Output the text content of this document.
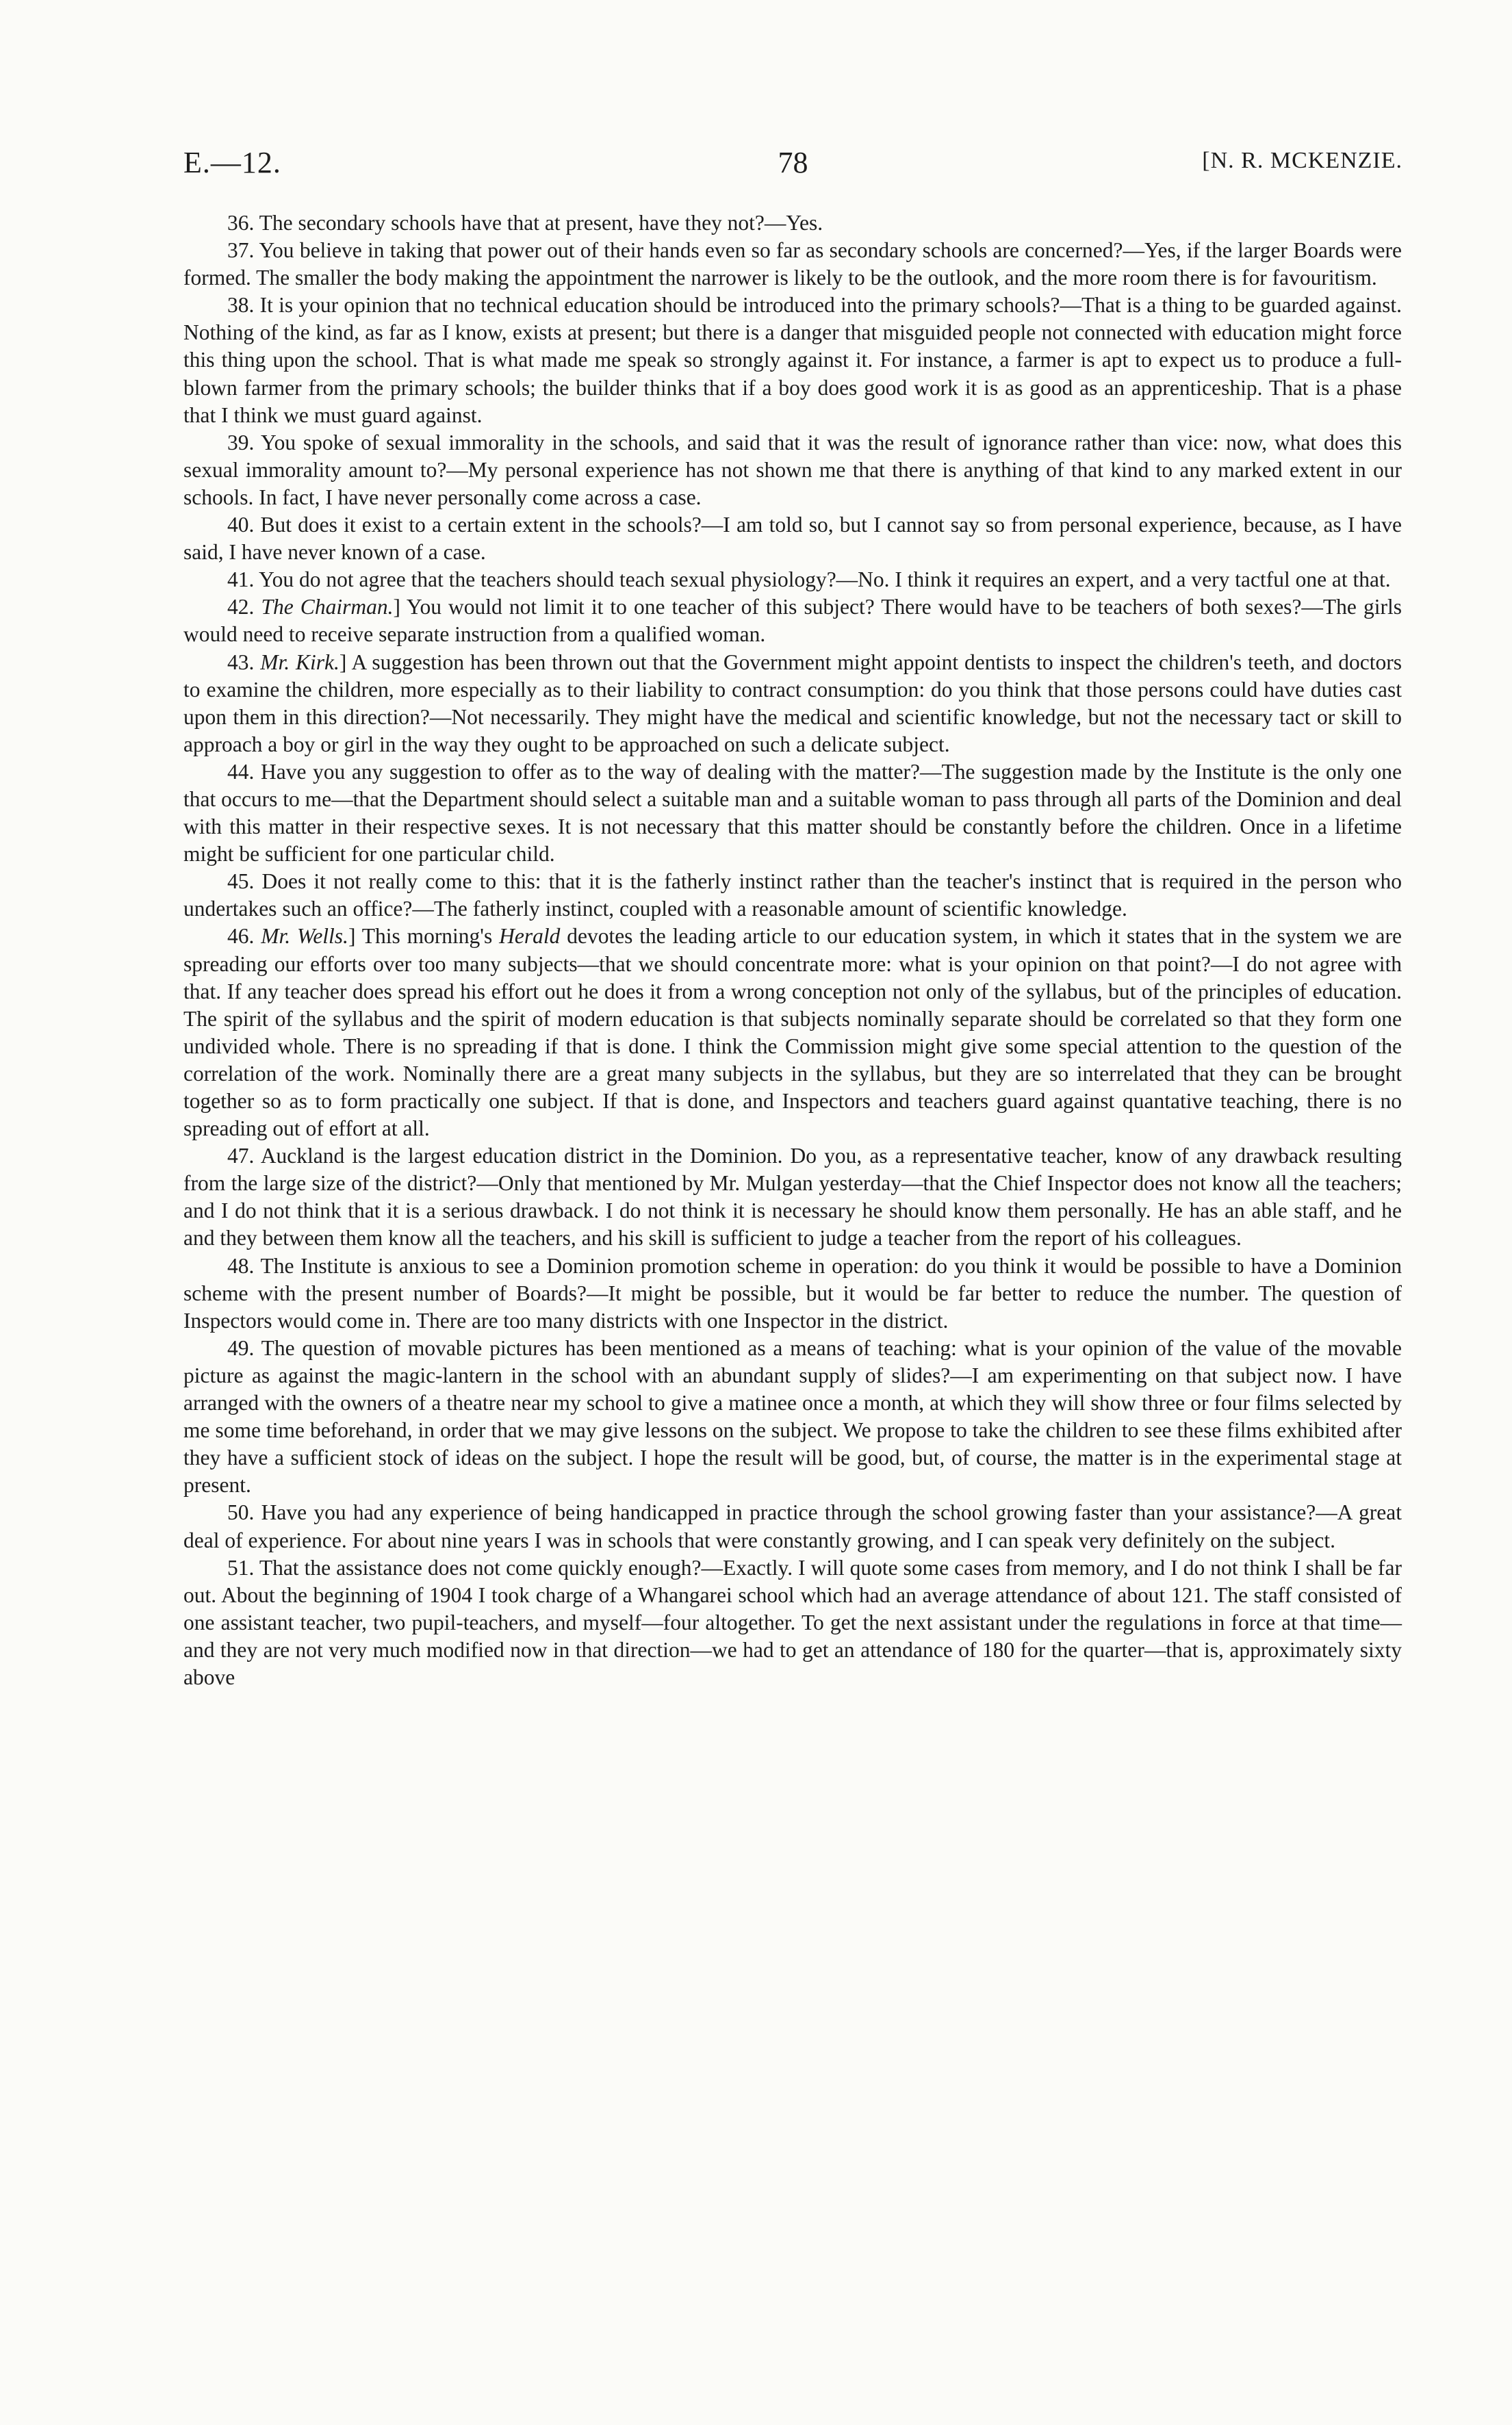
E.—12.	78	[N. R. MCKENZIE.

36. The secondary schools have that at present, have they not?—Yes.

37. You believe in taking that power out of their hands even so far as secondary schools are concerned?—Yes, if the larger Boards were formed. The smaller the body making the appointment the narrower is likely to be the outlook, and the more room there is for favouritism.

38. It is your opinion that no technical education should be introduced into the primary schools?—That is a thing to be guarded against. Nothing of the kind, as far as I know, exists at present; but there is a danger that misguided people not connected with education might force this thing upon the school. That is what made me speak so strongly against it. For instance, a farmer is apt to expect us to produce a full-blown farmer from the primary schools; the builder thinks that if a boy does good work it is as good as an apprenticeship. That is a phase that I think we must guard against.

39. You spoke of sexual immorality in the schools, and said that it was the result of ignorance rather than vice: now, what does this sexual immorality amount to?—My personal experience has not shown me that there is anything of that kind to any marked extent in our schools. In fact, I have never personally come across a case.

40. But does it exist to a certain extent in the schools?—I am told so, but I cannot say so from personal experience, because, as I have said, I have never known of a case.

41. You do not agree that the teachers should teach sexual physiology?—No. I think it requires an expert, and a very tactful one at that.

42. The Chairman.] You would not limit it to one teacher of this subject? There would have to be teachers of both sexes?—The girls would need to receive separate instruction from a qualified woman.

43. Mr. Kirk.] A suggestion has been thrown out that the Government might appoint dentists to inspect the children's teeth, and doctors to examine the children, more especially as to their liability to contract consumption: do you think that those persons could have duties cast upon them in this direction?—Not necessarily. They might have the medical and scientific knowledge, but not the necessary tact or skill to approach a boy or girl in the way they ought to be approached on such a delicate subject.

44. Have you any suggestion to offer as to the way of dealing with the matter?—The suggestion made by the Institute is the only one that occurs to me—that the Department should select a suitable man and a suitable woman to pass through all parts of the Dominion and deal with this matter in their respective sexes. It is not necessary that this matter should be constantly before the children. Once in a lifetime might be sufficient for one particular child.

45. Does it not really come to this: that it is the fatherly instinct rather than the teacher's instinct that is required in the person who undertakes such an office?—The fatherly instinct, coupled with a reasonable amount of scientific knowledge.

46. Mr. Wells.] This morning's Herald devotes the leading article to our education system, in which it states that in the system we are spreading our efforts over too many subjects—that we should concentrate more: what is your opinion on that point?—I do not agree with that. If any teacher does spread his effort out he does it from a wrong conception not only of the syllabus, but of the principles of education. The spirit of the syllabus and the spirit of modern education is that subjects nominally separate should be correlated so that they form one undivided whole. There is no spreading if that is done. I think the Commission might give some special attention to the question of the correlation of the work. Nominally there are a great many subjects in the syllabus, but they are so interrelated that they can be brought together so as to form practically one subject. If that is done, and Inspectors and teachers guard against quantative teaching, there is no spreading out of effort at all.

47. Auckland is the largest education district in the Dominion. Do you, as a representative teacher, know of any drawback resulting from the large size of the district?—Only that mentioned by Mr. Mulgan yesterday—that the Chief Inspector does not know all the teachers; and I do not think that it is a serious drawback. I do not think it is necessary he should know them personally. He has an able staff, and he and they between them know all the teachers, and his skill is sufficient to judge a teacher from the report of his colleagues.

48. The Institute is anxious to see a Dominion promotion scheme in operation: do you think it would be possible to have a Dominion scheme with the present number of Boards?—It might be possible, but it would be far better to reduce the number. The question of Inspectors would come in. There are too many districts with one Inspector in the district.

49. The question of movable pictures has been mentioned as a means of teaching: what is your opinion of the value of the movable picture as against the magic-lantern in the school with an abundant supply of slides?—I am experimenting on that subject now. I have arranged with the owners of a theatre near my school to give a matinee once a month, at which they will show three or four films selected by me some time beforehand, in order that we may give lessons on the subject. We propose to take the children to see these films exhibited after they have a sufficient stock of ideas on the subject. I hope the result will be good, but, of course, the matter is in the experimental stage at present.

50. Have you had any experience of being handicapped in practice through the school growing faster than your assistance?—A great deal of experience. For about nine years I was in schools that were constantly growing, and I can speak very definitely on the subject.

51. That the assistance does not come quickly enough?—Exactly. I will quote some cases from memory, and I do not think I shall be far out. About the beginning of 1904 I took charge of a Whangarei school which had an average attendance of about 121. The staff consisted of one assistant teacher, two pupil-teachers, and myself—four altogether. To get the next assistant under the regulations in force at that time—and they are not very much modified now in that direction—we had to get an attendance of 180 for the quarter—that is, approximately sixty above
